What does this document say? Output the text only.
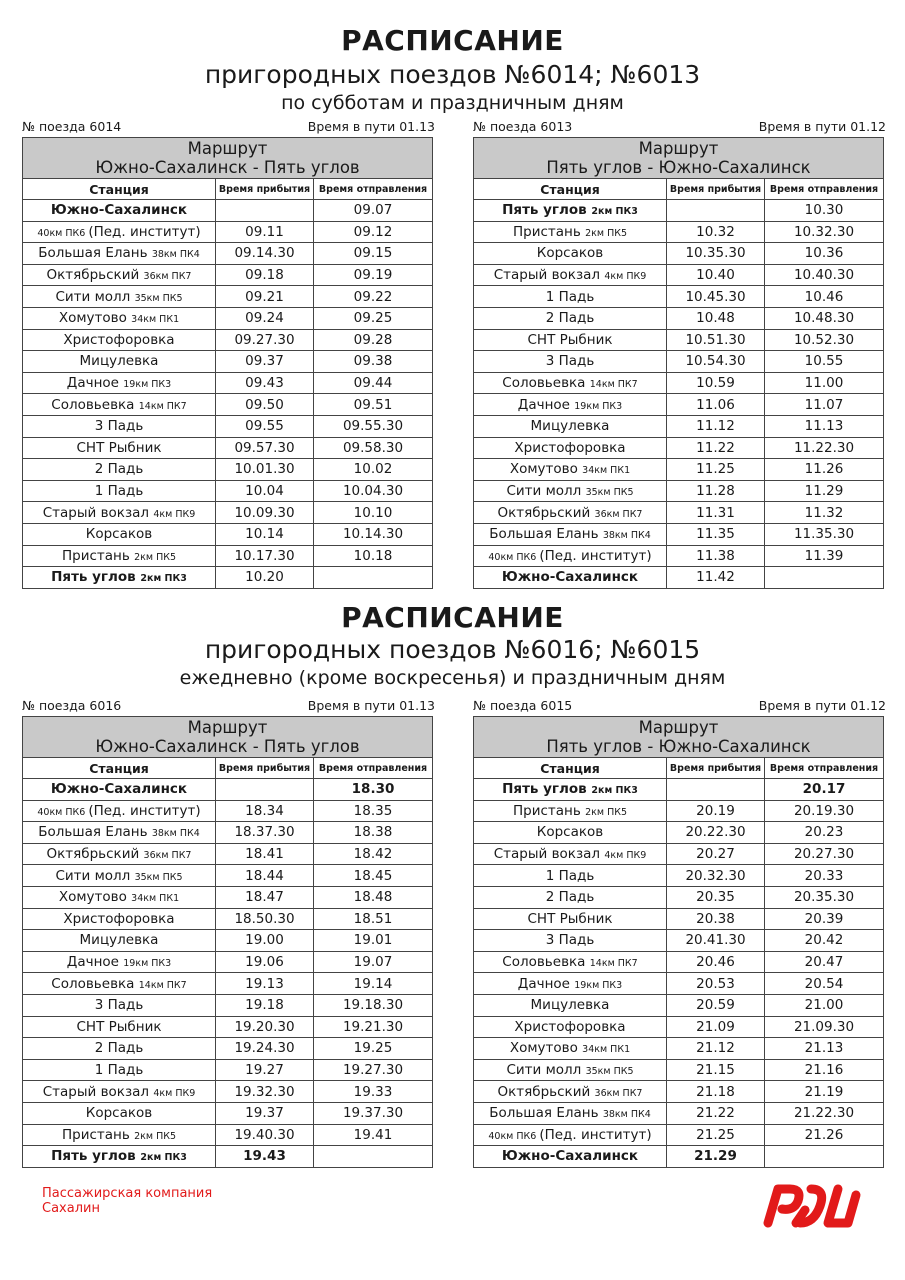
РАСПИСАНИЕ
пригородных поездов №6014; №6013
по субботам и праздничным дням
№ поезда 6014	Время в пути 01.13	№ поезда 6013	Время в пути 01.12
Маршрут
Южно-Сахалинск - Пять углов		

Станция	Время прибытия	Время отправления
Южно-Сахалинск		09.07
40км ПК6 (Пед. институт)	09.11	09.12
Большая Елань 38км ПК4	09.14.30	09.15
Октябрьский 36км ПК7	09.18	09.19
Сити молл 35км ПК5	09.21	09.22
Хомутово 34км ПК1	09.24	09.25
Христофоровка	09.27.30	09.28
Мицулевка	09.37	09.38
Дачное 19км ПК3	09.43	09.44
Соловьевка 14км ПК7	09.50	09.51
3 Падь	09.55	09.55.30
СНТ Рыбник	09.57.30	09.58.30
2 Падь	10.01.30	10.02
1 Падь	10.04	10.04.30
Старый вокзал 4км ПК9	10.09.30	10.10
Корсаков	10.14	10.14.30
Пристань 2км ПК5	10.17.30	10.18
Пять углов 2км ПК3	10.20	
Маршрут
Пять углов - Южно-Сахалинск		

Станция	Время прибытия	Время отправления
Пять углов 2км ПК3		10.30
Пристань 2км ПК5	10.32	10.32.30
Корсаков	10.35.30	10.36
Старый вокзал 4км ПК9	10.40	10.40.30
1 Падь	10.45.30	10.46
2 Падь	10.48	10.48.30
СНТ Рыбник	10.51.30	10.52.30
3 Падь	10.54.30	10.55
Соловьевка 14км ПК7	10.59	11.00
Дачное 19км ПК3	11.06	11.07
Мицулевка	11.12	11.13
Христофоровка	11.22	11.22.30
Хомутово 34км ПК1	11.25	11.26
Сити молл 35км ПК5	11.28	11.29
Октябрьский 36км ПК7	11.31	11.32
Большая Елань 38км ПК4	11.35	11.35.30
40км ПК6 (Пед. институт)	11.38	11.39
Южно-Сахалинск	11.42	
РАСПИСАНИЕ
пригородных поездов №6016; №6015
ежедневно (кроме воскресенья) и праздничным дням
№ поезда 6016	Время в пути 01.13	№ поезда 6015	Время в пути 01.12
Маршрут
Южно-Сахалинск - Пять углов		

Станция	Время прибытия	Время отправления
Южно-Сахалинск		18.30
40км ПК6 (Пед. институт)	18.34	18.35
Большая Елань 38км ПК4	18.37.30	18.38
Октябрьский 36км ПК7	18.41	18.42
Сити молл 35км ПК5	18.44	18.45
Хомутово 34км ПК1	18.47	18.48
Христофоровка	18.50.30	18.51
Мицулевка	19.00	19.01
Дачное 19км ПК3	19.06	19.07
Соловьевка 14км ПК7	19.13	19.14
3 Падь	19.18	19.18.30
СНТ Рыбник	19.20.30	19.21.30
2 Падь	19.24.30	19.25
1 Падь	19.27	19.27.30
Старый вокзал 4км ПК9	19.32.30	19.33
Корсаков	19.37	19.37.30
Пристань 2км ПК5	19.40.30	19.41
Пять углов 2км ПК3	19.43	
Маршрут
Пять углов - Южно-Сахалинск		

Станция	Время прибытия	Время отправления
Пять углов 2км ПК3		20.17
Пристань 2км ПК5	20.19	20.19.30
Корсаков	20.22.30	20.23
Старый вокзал 4км ПК9	20.27	20.27.30
1 Падь	20.32.30	20.33
2 Падь	20.35	20.35.30
СНТ Рыбник	20.38	20.39
3 Падь	20.41.30	20.42
Соловьевка 14км ПК7	20.46	20.47
Дачное 19км ПК3	20.53	20.54
Мицулевка	20.59	21.00
Христофоровка	21.09	21.09.30
Хомутово 34км ПК1	21.12	21.13
Сити молл 35км ПК5	21.15	21.16
Октябрьский 36км ПК7	21.18	21.19
Большая Елань 38км ПК4	21.22	21.22.30
40км ПК6 (Пед. институт)	21.25	21.26
Южно-Сахалинск	21.29	
Пассажирская компания
Сахалин
